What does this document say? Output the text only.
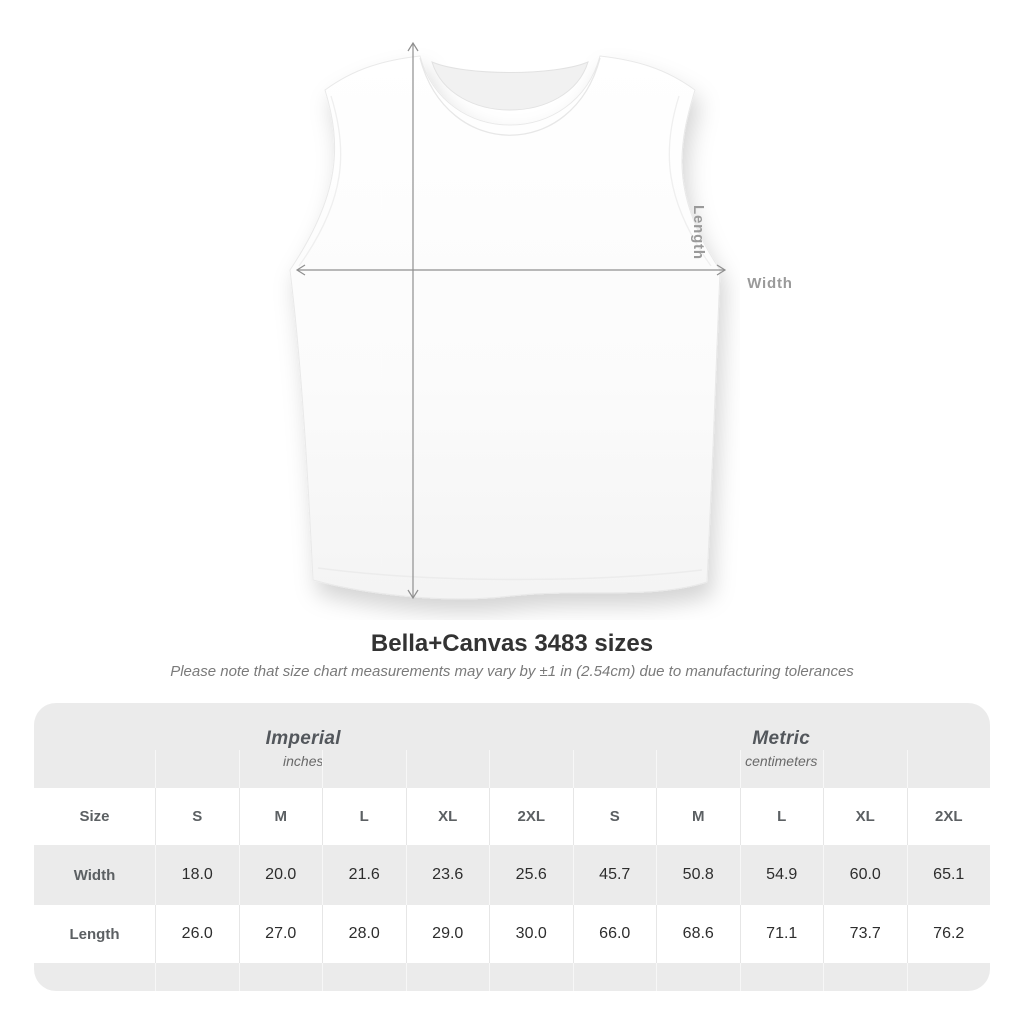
Length
Width
Bella+Canvas 3483 sizes
Please note that size chart measurements may vary by ±1 in (2.54cm) due to manufacturing tolerances
Imperial
inches
Metric
centimeters
Size	S	M	L	XL	2XL	S	M	L	XL	2XL
Width	18.0	20.0	21.6	23.6	25.6	45.7	50.8	54.9	60.0	65.1
Length	26.0	27.0	28.0	29.0	30.0	66.0	68.6	71.1	73.7	76.2
